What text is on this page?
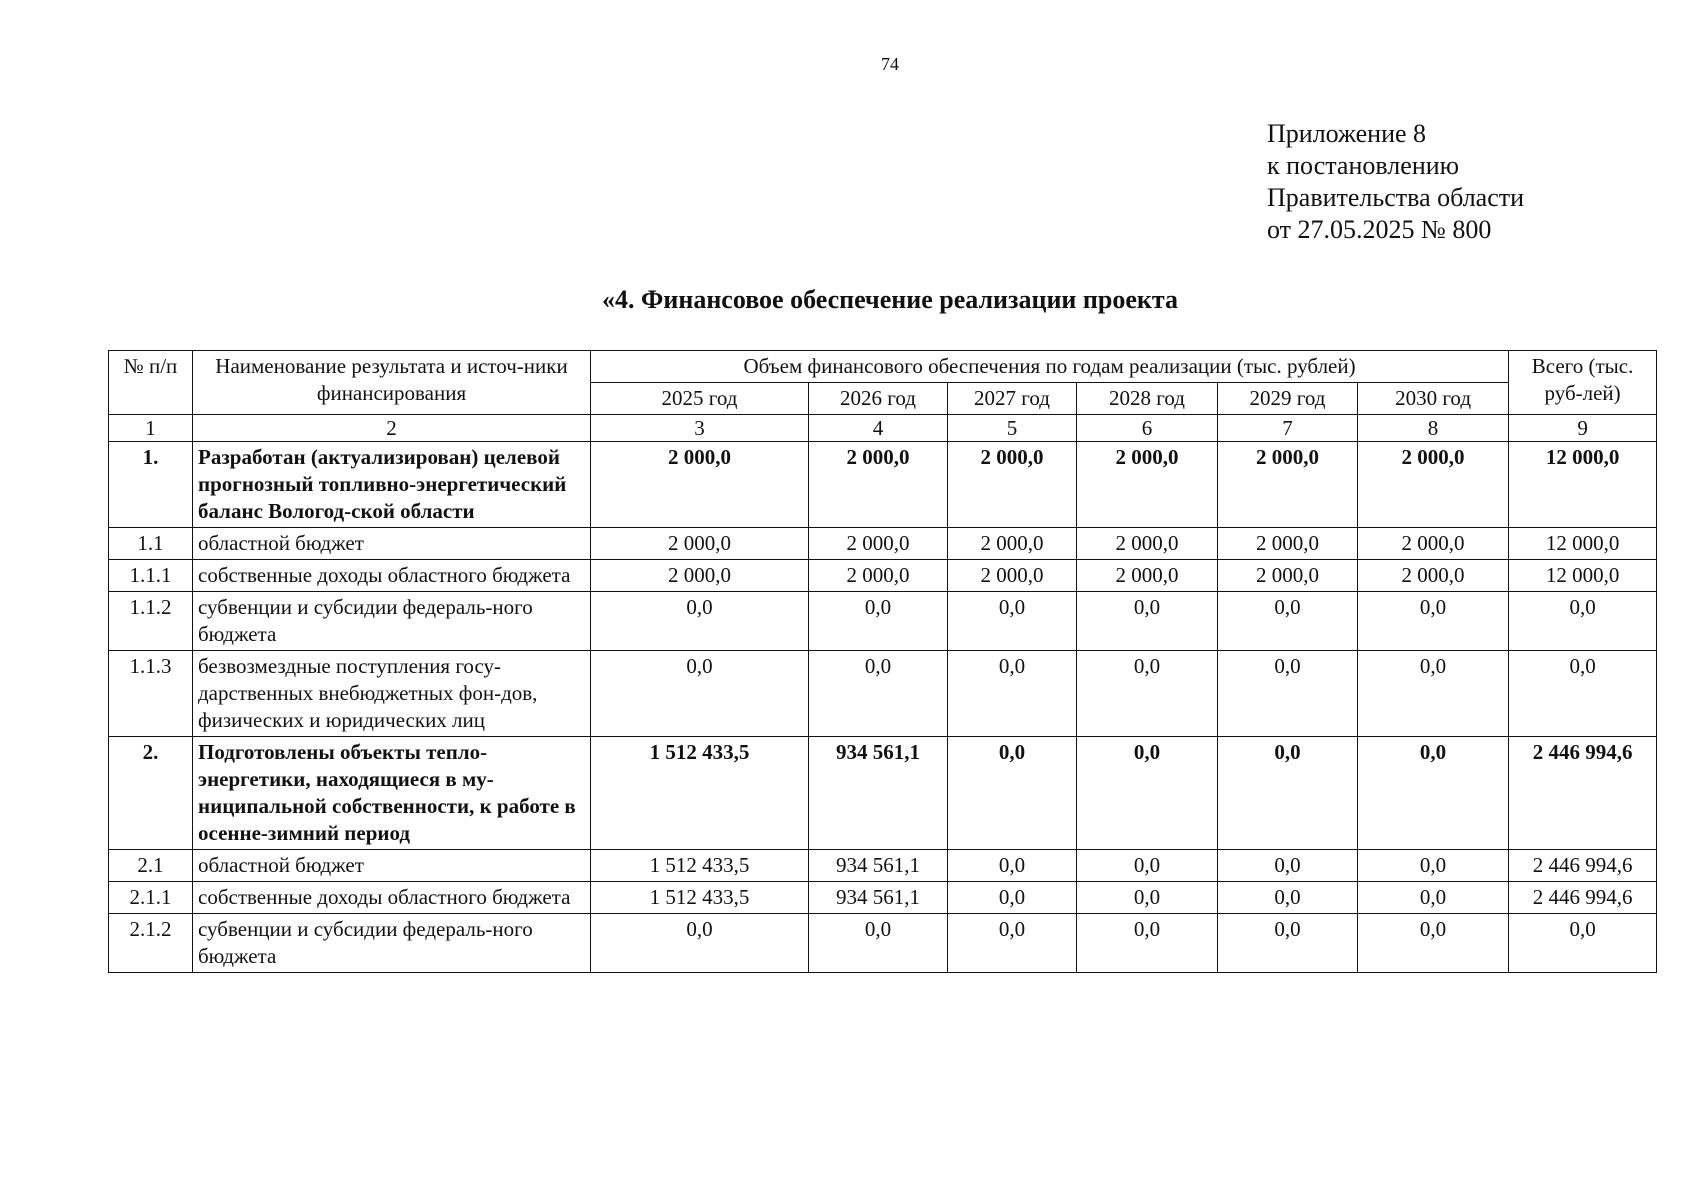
74
Приложение 8
к постановлению
Правительства области
от 27.05.2025 № 800
«4. Финансовое обеспечение реализации проекта
№ п/п	Наименование результата и источ-ники финансирования	Объем финансового обеспечения по годам реализации (тыс. рублей)						Всего (тыс. руб-лей)
		2025 год	2026 год	2027 год	2028 год	2029 год	2030 год	
1	2	3	4	5	6	7	8	9
1.	Разработан (актуализирован) целевой прогнозный топливно-энергетический баланс Вологод-ской области	2 000,0	2 000,0	2 000,0	2 000,0	2 000,0	2 000,0	12 000,0
1.1	областной бюджет	2 000,0	2 000,0	2 000,0	2 000,0	2 000,0	2 000,0	12 000,0
1.1.1	собственные доходы областного бюджета	2 000,0	2 000,0	2 000,0	2 000,0	2 000,0	2 000,0	12 000,0
1.1.2	субвенции и субсидии федераль-ного бюджета	0,0	0,0	0,0	0,0	0,0	0,0	0,0
1.1.3	безвозмездные поступления госу-дарственных внебюджетных фон-дов, физических и юридических лиц	0,0	0,0	0,0	0,0	0,0	0,0	0,0
2.	Подготовлены объекты тепло-энергетики, находящиеся в му-ниципальной собственности, к работе в осенне-зимний период	1 512 433,5	934 561,1	0,0	0,0	0,0	0,0	2 446 994,6
2.1	областной бюджет	1 512 433,5	934 561,1	0,0	0,0	0,0	0,0	2 446 994,6
2.1.1	собственные доходы областного бюджета	1 512 433,5	934 561,1	0,0	0,0	0,0	0,0	2 446 994,6
2.1.2	субвенции и субсидии федераль-ного бюджета	0,0	0,0	0,0	0,0	0,0	0,0	0,0
